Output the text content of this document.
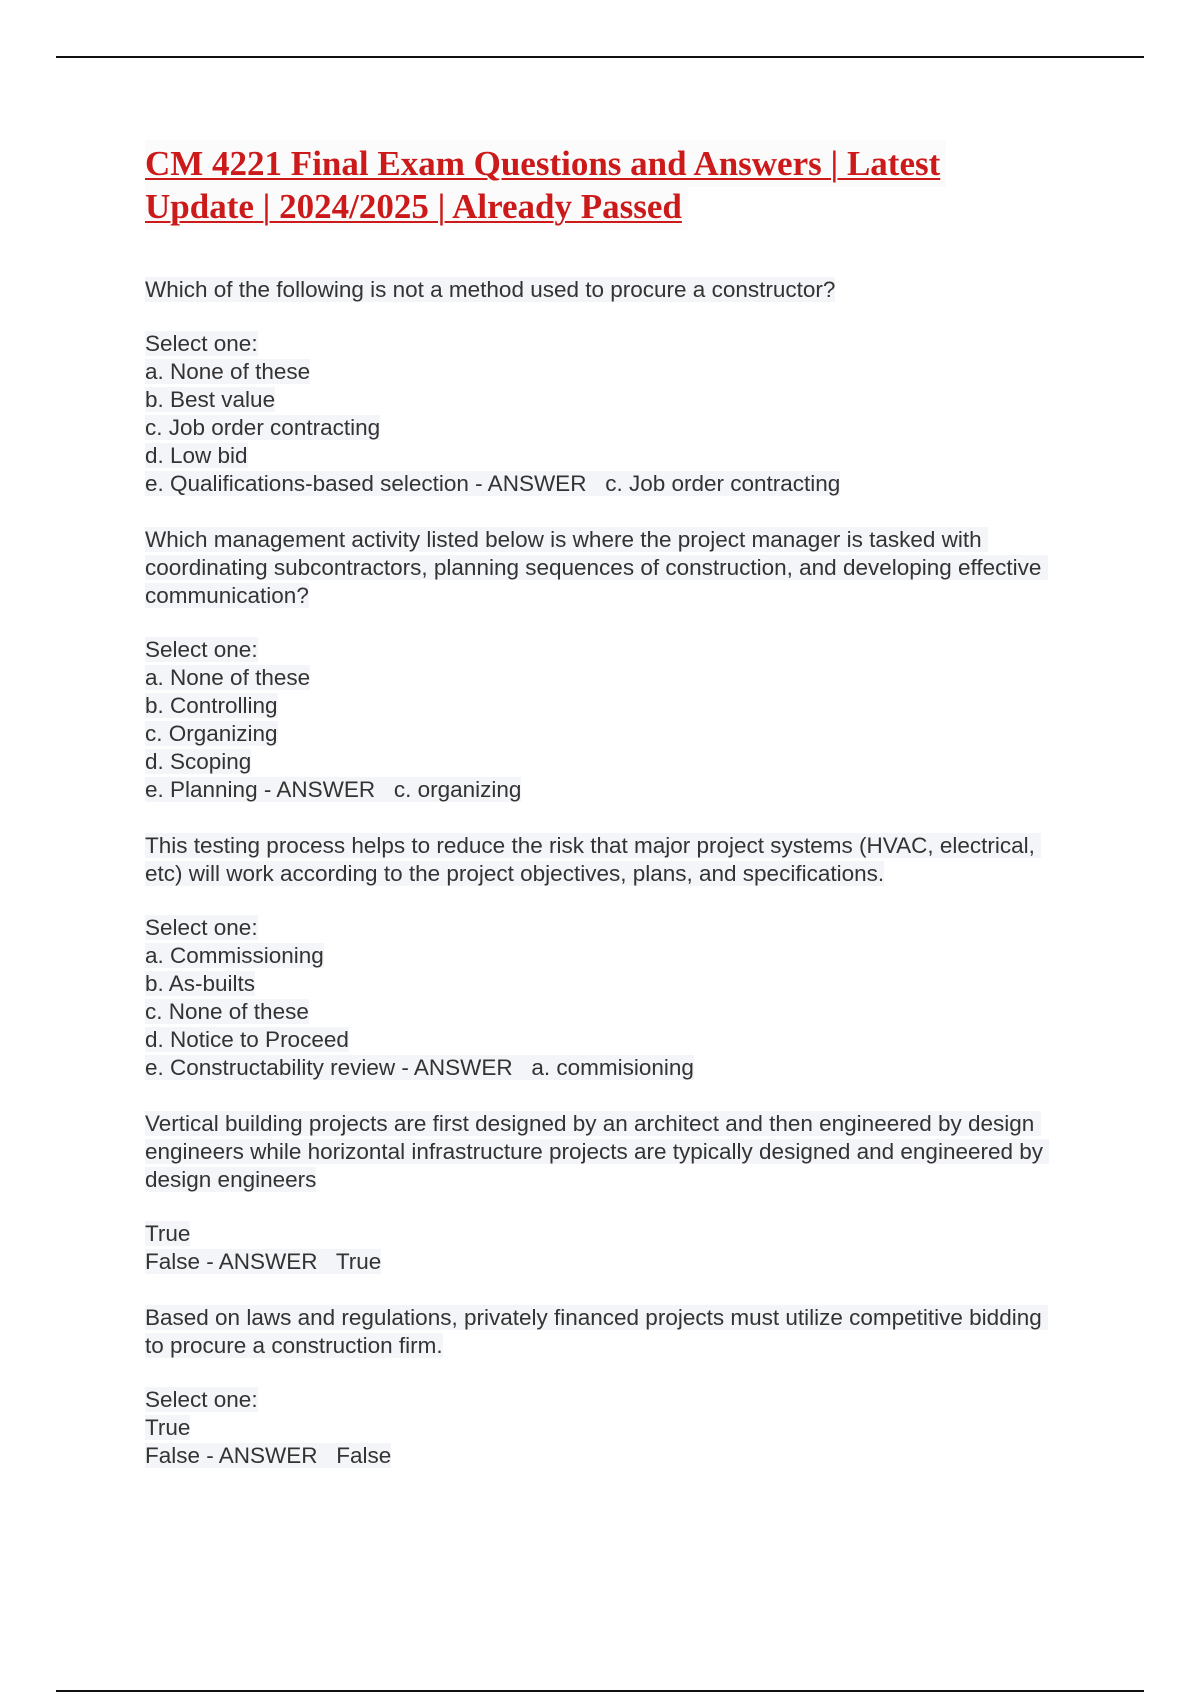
CM 4221 Final Exam Questions and Answers | Latest Update | 2024/2025 | Already Passed
Which of the following is not a method used to procure a constructor?
Select one:
a. None of these
b. Best value
c. Job order contracting
d. Low bid
e. Qualifications-based selection - ANSWER   c. Job order contracting
Which management activity listed below is where the project manager is tasked with coordinating subcontractors, planning sequences of construction, and developing effective communication?
Select one:
a. None of these
b. Controlling
c. Organizing
d. Scoping
e. Planning - ANSWER   c. organizing
This testing process helps to reduce the risk that major project systems (HVAC, electrical, etc) will work according to the project objectives, plans, and specifications.
Select one:
a. Commissioning
b. As-builts
c. None of these
d. Notice to Proceed
e. Constructability review - ANSWER   a. commisioning
Vertical building projects are first designed by an architect and then engineered by design engineers while horizontal infrastructure projects are typically designed and engineered by design engineers
True
False - ANSWER   True
Based on laws and regulations, privately financed projects must utilize competitive bidding to procure a construction firm.
Select one:
True
False - ANSWER   False
